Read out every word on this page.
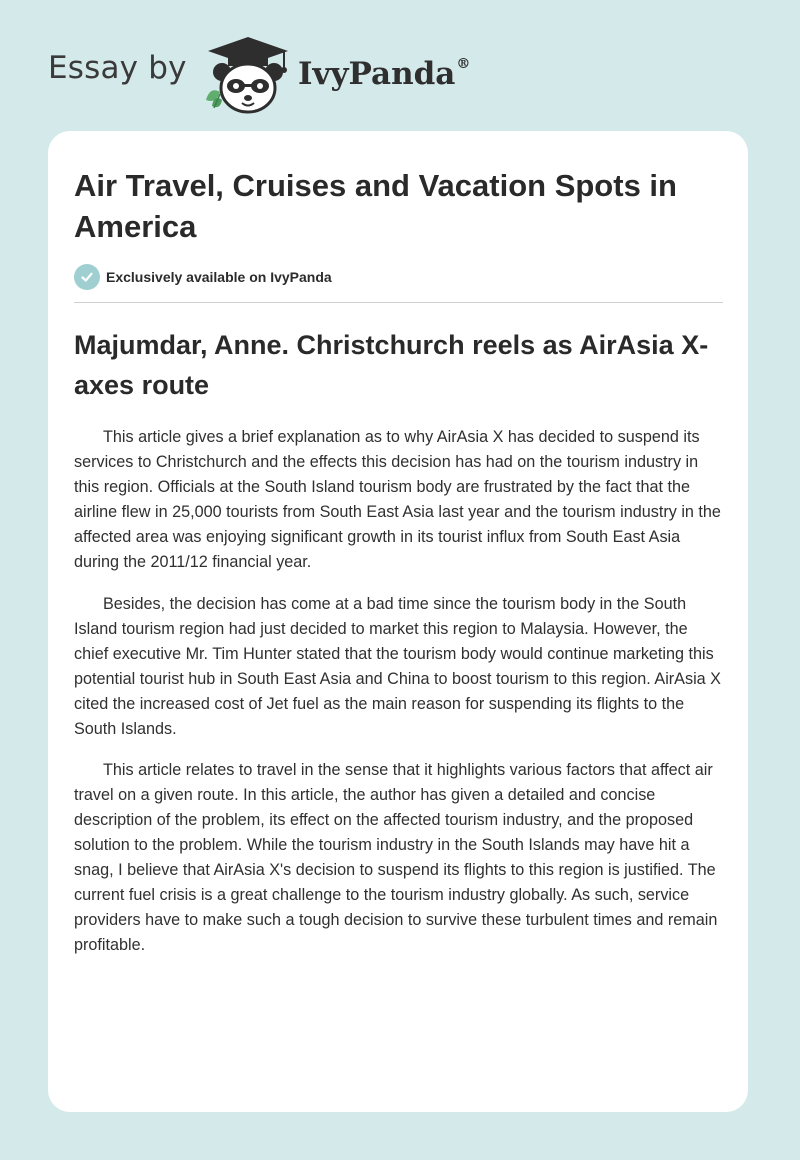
Essay by	IvyPanda®
Air Travel, Cruises and Vacation Spots in America
Exclusively available on IvyPanda
Majumdar, Anne. Christchurch reels as AirAsia X-axes route

This article gives a brief explanation as to why AirAsia X has decided to suspend its services to Christchurch and the effects this decision has had on the tourism industry in this region. Officials at the South Island tourism body are frustrated by the fact that the airline flew in 25,000 tourists from South East Asia last year and the tourism industry in the affected area was enjoying significant growth in its tourist influx from South East Asia during the 2011/12 financial year.

Besides, the decision has come at a bad time since the tourism body in the South Island tourism region had just decided to market this region to Malaysia. However, the chief executive Mr. Tim Hunter stated that the tourism body would continue marketing this potential tourist hub in South East Asia and China to boost tourism to this region. AirAsia X cited the increased cost of Jet fuel as the main reason for suspending its flights to the South Islands.

This article relates to travel in the sense that it highlights various factors that affect air travel on a given route. In this article, the author has given a detailed and concise description of the problem, its effect on the affected tourism industry, and the proposed solution to the problem. While the tourism industry in the South Islands may have hit a snag, I believe that AirAsia X's decision to suspend its flights to this region is justified. The current fuel crisis is a great challenge to the tourism industry globally. As such, service providers have to make such a tough decision to survive these turbulent times and remain profitable.
